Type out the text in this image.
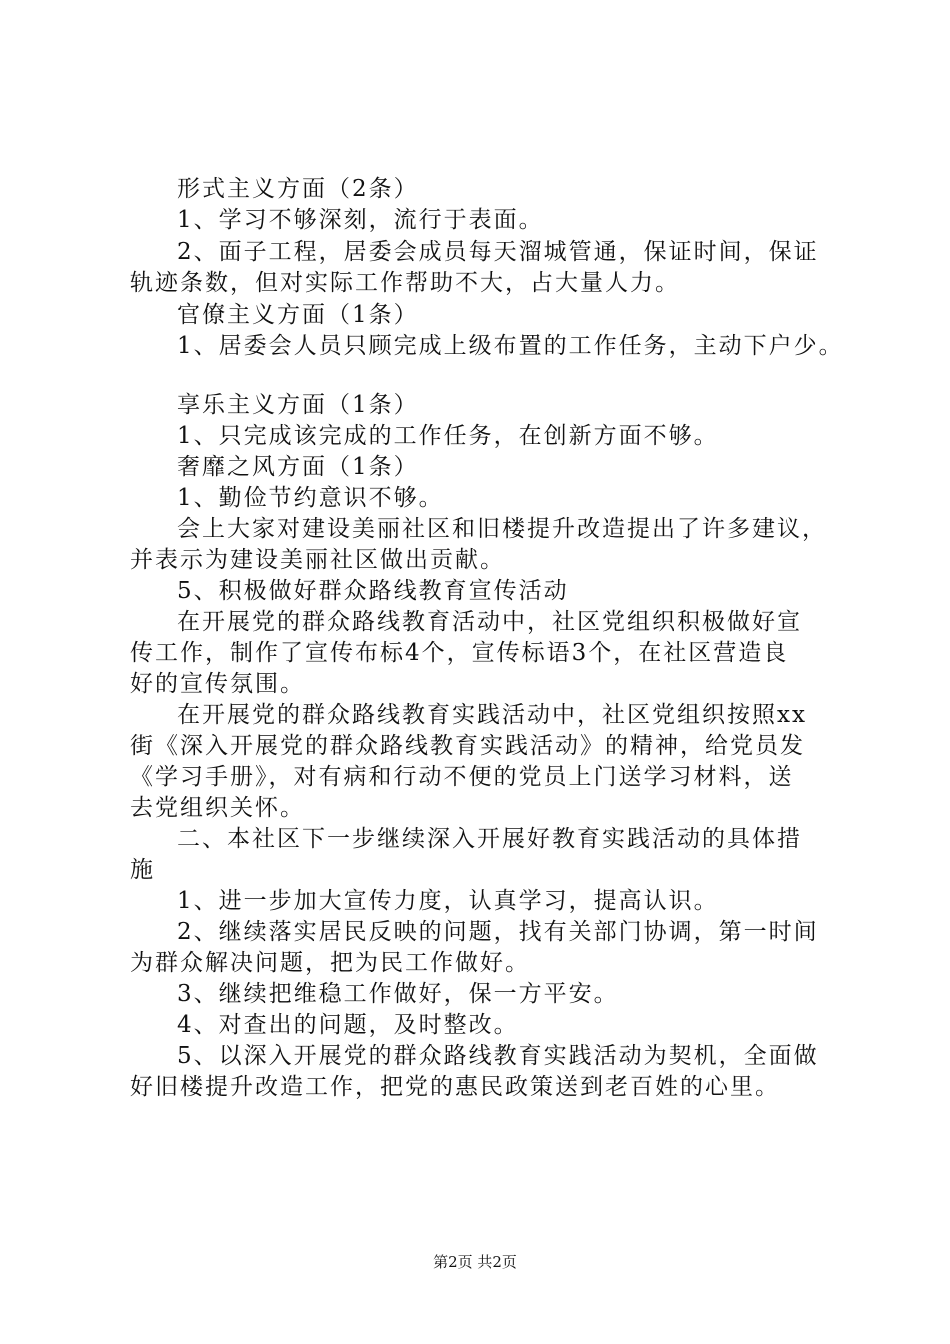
形式主义方面（2条）
1、学习不够深刻，流行于表面。
2、面子工程，居委会成员每天溜城管通，保证时间，保证
轨迹条数，但对实际工作帮助不大，占大量人力。
官僚主义方面（1条）
1、居委会人员只顾完成上级布置的工作任务，主动下户少。
享乐主义方面（1条）
1、只完成该完成的工作任务，在创新方面不够。
奢靡之风方面（1条）
1、勤俭节约意识不够。
会上大家对建设美丽社区和旧楼提升改造提出了许多建议，
并表示为建设美丽社区做出贡献。
5、积极做好群众路线教育宣传活动
在开展党的群众路线教育活动中，社区党组织积极做好宣
传工作，制作了宣传布标4个，宣传标语3个，在社区营造良
好的宣传氛围。
在开展党的群众路线教育实践活动中，社区党组织按照xx
街《深入开展党的群众路线教育实践活动》的精神，给党员发
《学习手册》，对有病和行动不便的党员上门送学习材料，送
去党组织关怀。
二、本社区下一步继续深入开展好教育实践活动的具体措
施
1、进一步加大宣传力度，认真学习，提高认识。
2、继续落实居民反映的问题，找有关部门协调，第一时间
为群众解决问题，把为民工作做好。
3、继续把维稳工作做好，保一方平安。
4、对查出的问题，及时整改。
5、以深入开展党的群众路线教育实践活动为契机，全面做
好旧楼提升改造工作，把党的惠民政策送到老百姓的心里。
第2页 共2页
